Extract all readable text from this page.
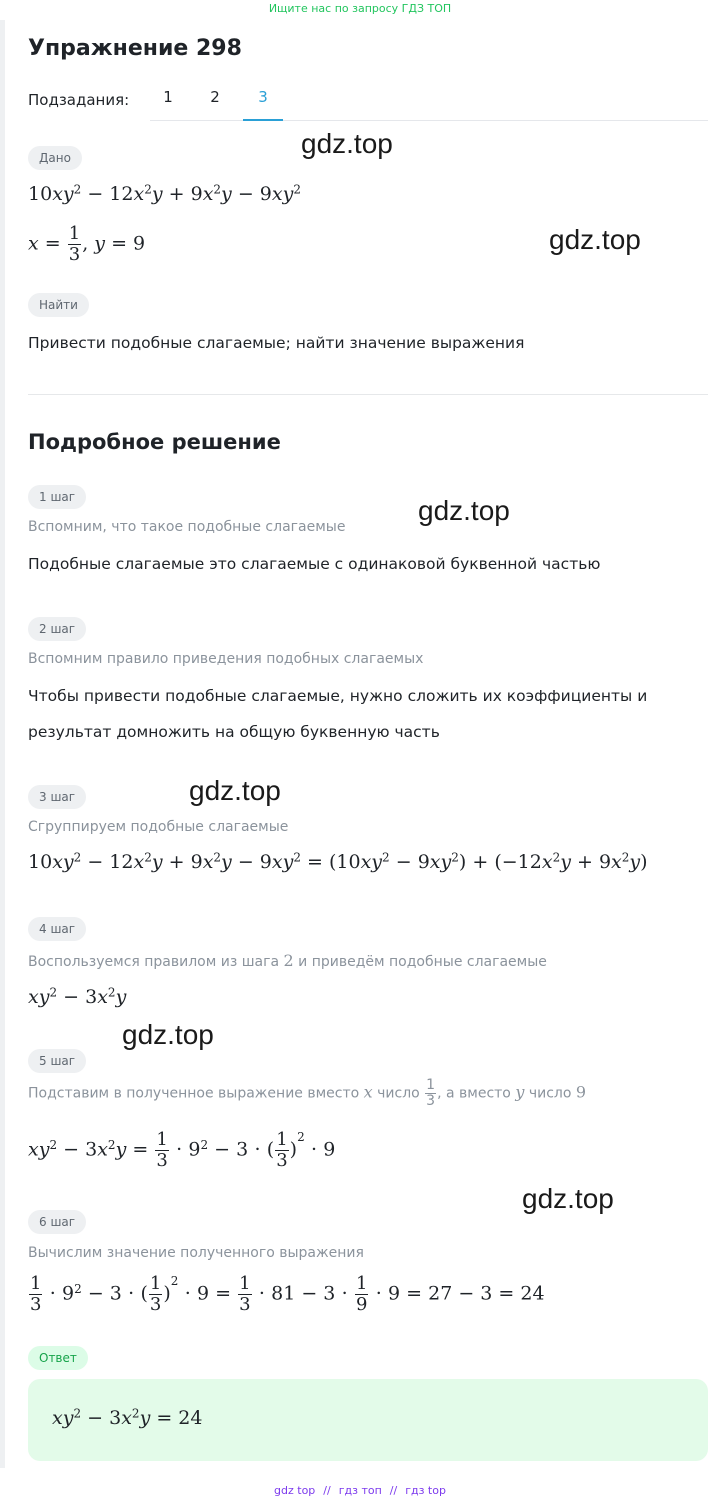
Ищите нас по запросу ГДЗ ТОП
Упражнение 298
Подзадания:	1	2	3
Дано
$10xy^2 - 12x^2y + 9x^2y - 9xy^2$
$x = \frac{1}{3}$ , y = 9
Найти
Привести подобные слагаемые; найти значение выражения
Подробное решение
1 шаг
Вспомним, что такое подобные слагаемые
Подобные слагаемые это слагаемые с одинаковой буквенной частью
2 шаг
Вспомним правило приведения подобных слагаемых
Чтобы привести подобные слагаемые, нужно сложить их коэффициенты и
результат домножить на общую буквенную часть
3 шаг
Сгруппируем подобные слагаемые
$10xy^2 - 12x^2y + 9x^2y - 9xy^2 = (10xy^2 - 9xy^2) + (-12x^2y + 9x^2y)$
4 шаг
Воспользуемся правилом из шага 2 и приведём подобные слагаемые
$xy^2 - 3x^2y$
5 шаг
Подставим в полученное выражение вместо x число $\frac{1}{3}$ , а вместо y число 9
$xy^2 - 3x^2y = \frac{1}{3} \cdot 9^2 - 3$ ⋅ ( $\frac{1}{3} )^2 \cdot 9$
6 шаг
Вычислим значение полученного выражения
$\frac{1}{3} \cdot 9^2 - 3$ ⋅ ( $\frac{1}{3} )^2 \cdot 9 = \frac{1}{3} \cdot 81 - 3 \cdot \frac{1}{9} \cdot 9 = 27 - 3 = 24$
Ответ
$xy^2 - 3x^2y = 24$
gdz.top
gdz.top
gdz.top
gdz.top
gdz.top
gdz.top
gdz top // гдз топ // гдз top
